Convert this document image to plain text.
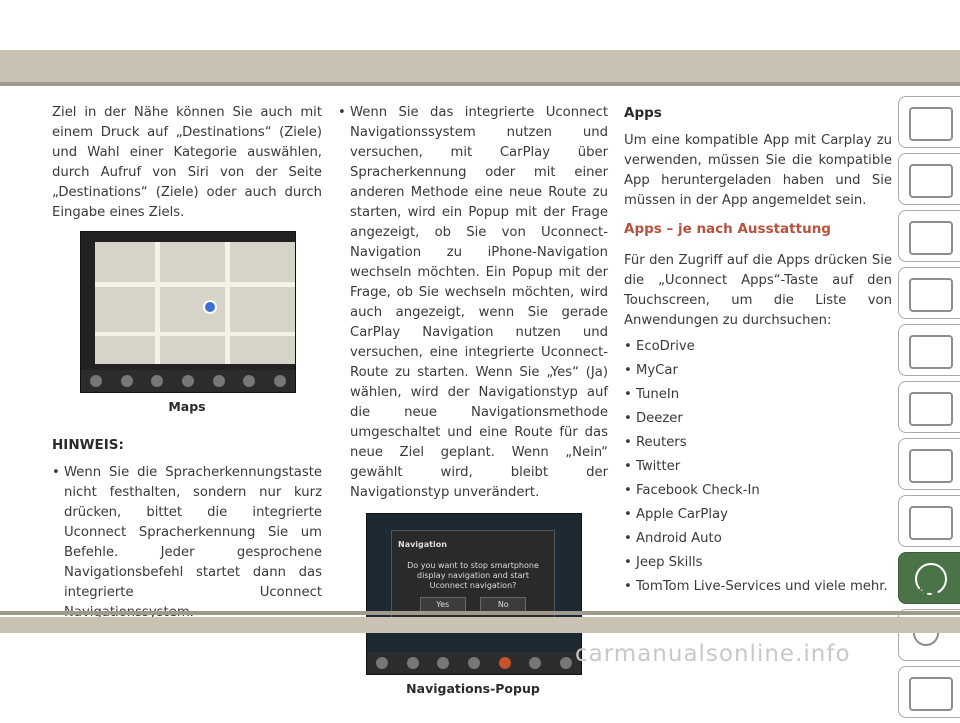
Ziel in der Nähe können Sie auch mit einem Druck auf „Destinations“ (Ziele) und Wahl einer Kategorie auswählen, durch Aufruf von Siri von der Seite „Destinations“ (Ziele) oder auch durch Eingabe eines Ziels.

Maps
HINWEIS:
• Wenn Sie die Spracherkennungstaste nicht festhalten, sondern nur kurz drücken, bittet die integrierte Uconnect Spracherkennung Sie um Befehle. Jeder gesprochene Navigationsbefehl startet dann das integrierte Uconnect
• Wenn Sie das integrierte Uconnect Navigationssystem nutzen und versuchen, mit CarPlay über Spracherkennung oder mit einer anderen Methode eine neue Route zu starten, wird ein Popup mit der Frage angezeigt, ob Sie von Uconnect-Navigation zu iPhone-Navigation wechseln möchten. Ein Popup mit der Frage, ob Sie wechseln möchten, wird auch angezeigt, wenn Sie gerade CarPlay Navigation nutzen und versuchen, eine integrierte Uconnect-Route zu starten. Wenn Sie „Yes“ (Ja) wählen, wird der Navigationstyp auf die neue Navigationsmethode umgeschaltet und eine Route für das neue Ziel geplant. Wenn „Nein“ gewählt wird, bleibt der Navigationstyp unverändert.
Navigation
Do you want to stop smartphone display navigation and start Uconnect navigation?
Yes	No
Navigations-Popup
Apps

Um eine kompatible App mit Carplay zu verwenden, müssen Sie die kompatible App heruntergeladen haben und Sie müssen in der App angemeldet sein.

Apps – je nach Ausstattung

Für den Zugriff auf die Apps drücken Sie die „Uconnect Apps“-Taste auf den Touchscreen, um die Liste von Anwendungen zu durchsuchen:

• EcoDrive

• MyCar

• TuneIn

• Deezer

• Reuters

• Twitter

• Facebook Check-In

• Apple CarPlay

• Android Auto

• Jeep Skills

• TomTom Live-Services und viele mehr. 341
carmanualsonline.info
